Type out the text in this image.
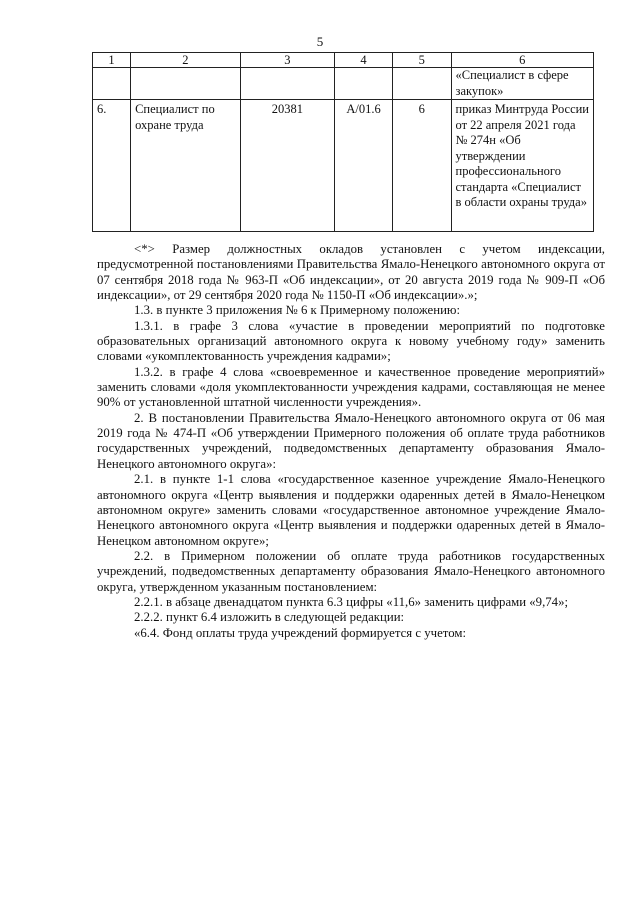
5
1	2	3	4	5	6
					«Специалист в сфере закупок»
6.	Специалист по охране труда	20381	А/01.6	6	приказ Минтруда России от 22 апреля 2021 года № 274н «Об утверждении профессионального стандарта «Специалист в области охраны труда»

<*> Размер должностных окладов установлен с учетом индексации, предусмотренной постановлениями Правительства Ямало-Ненецкого автономного округа от 07 сентября 2018 года № 963-П «Об индексации», от 20 августа 2019 года № 909-П «Об индексации», от 29 сентября 2020 года № 1150-П «Об индексации».»;

1.3. в пункте 3 приложения № 6 к Примерному положению:

1.3.1. в графе 3 слова «участие в проведении мероприятий по подготовке образовательных организаций автономного округа к новому учебному году» заменить словами «укомплектованность учреждения кадрами»;

1.3.2. в графе 4 слова «своевременное и качественное проведение мероприятий» заменить словами «доля укомплектованности учреждения кадрами, составляющая не менее 90% от установленной штатной численности учреждения».

2. В постановлении Правительства Ямало-Ненецкого автономного округа от 06 мая 2019 года № 474-П «Об утверждении Примерного положения об оплате труда работников государственных учреждений, подведомственных департаменту образования Ямало-Ненецкого автономного округа»:

2.1. в пункте 1-1 слова «государственное казенное учреждение Ямало-Ненецкого автономного округа «Центр выявления и поддержки одаренных детей в Ямало-Ненецком автономном округе» заменить словами «государственное автономное учреждение Ямало-Ненецкого автономного округа «Центр выявления и поддержки одаренных детей в Ямало-Ненецком автономном округе»;

2.2. в Примерном положении об оплате труда работников государственных учреждений, подведомственных департаменту образования Ямало-Ненецкого автономного округа, утвержденном указанным постановлением:

2.2.1. в абзаце двенадцатом пункта 6.3 цифры «11,6» заменить цифрами «9,74»;

2.2.2. пункт 6.4 изложить в следующей редакции:

«6.4. Фонд оплаты труда учреждений формируется с учетом:
